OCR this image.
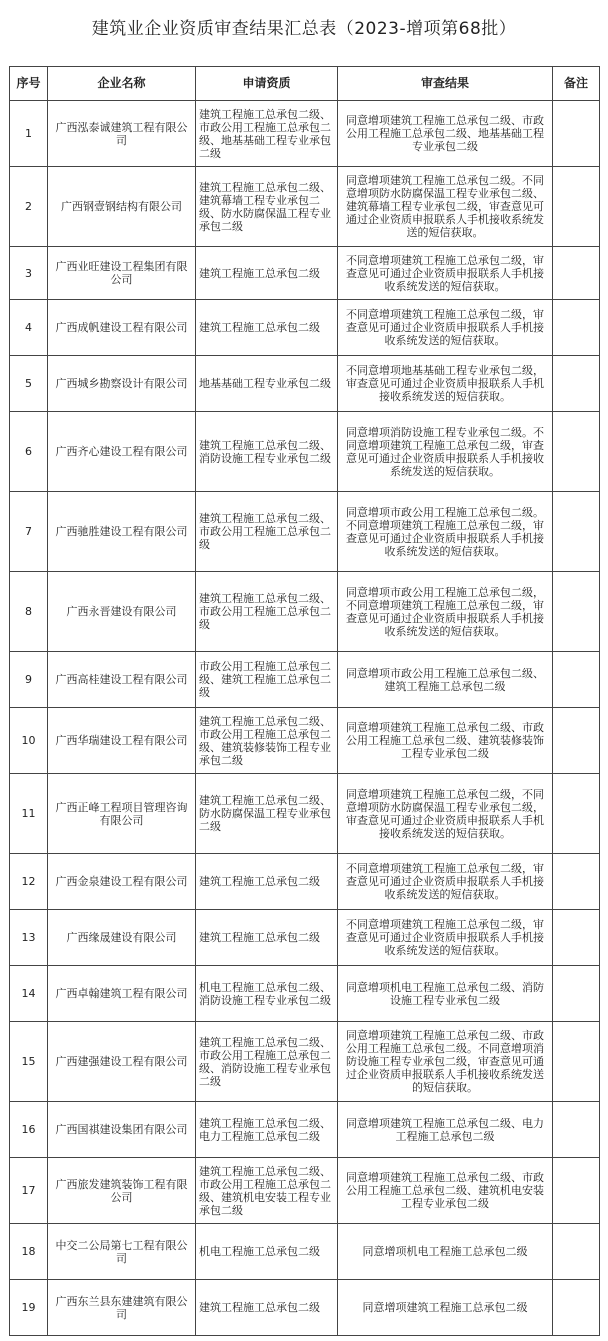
建筑业企业资质审查结果汇总表（2023-增项第68批）
序号	企业名称	申请资质	审查结果	备注
1	广西泓泰诚建筑工程有限公司	建筑工程施工总承包二级、市政公用工程施工总承包二级、地基基础工程专业承包二级	同意增项建筑工程施工总承包二级、市政公用工程施工总承包二级、地基基础工程专业承包二级	
2	广西钢壹钢结构有限公司	建筑工程施工总承包二级、建筑幕墙工程专业承包二级、防水防腐保温工程专业承包二级	同意增项建筑工程施工总承包二级。不同意增项防水防腐保温工程专业承包二级、建筑幕墙工程专业承包二级，审查意见可通过企业资质申报联系人手机接收系统发送的短信获取。	
3	广西业旺建设工程集团有限公司	建筑工程施工总承包二级	不同意增项建筑工程施工总承包二级，审查意见可通过企业资质申报联系人手机接收系统发送的短信获取。	
4	广西成帆建设工程有限公司	建筑工程施工总承包二级	不同意增项建筑工程施工总承包二级，审查意见可通过企业资质申报联系人手机接收系统发送的短信获取。	
5	广西城乡勘察设计有限公司	地基基础工程专业承包二级	不同意增项地基基础工程专业承包二级，审查意见可通过企业资质申报联系人手机接收系统发送的短信获取。	
6	广西齐心建设工程有限公司	建筑工程施工总承包二级、消防设施工程专业承包二级	同意增项消防设施工程专业承包二级。不同意增项建筑工程施工总承包二级，审查意见可通过企业资质申报联系人手机接收系统发送的短信获取。	
7	广西驰胜建设工程有限公司	建筑工程施工总承包二级、市政公用工程施工总承包二级	同意增项市政公用工程施工总承包二级。不同意增项建筑工程施工总承包二级，审查意见可通过企业资质申报联系人手机接收系统发送的短信获取。	
8	广西永晋建设有限公司	建筑工程施工总承包二级、市政公用工程施工总承包二级	同意增项市政公用工程施工总承包二级，不同意增项建筑工程施工总承包二级，审查意见可通过企业资质申报联系人手机接收系统发送的短信获取。	
9	广西高桂建设工程有限公司	市政公用工程施工总承包二级、建筑工程施工总承包二级	同意增项市政公用工程施工总承包二级、建筑工程施工总承包二级	
10	广西华瑞建设工程有限公司	建筑工程施工总承包二级、市政公用工程施工总承包二级、建筑装修装饰工程专业承包二级	同意增项建筑工程施工总承包二级、市政公用工程施工总承包二级、建筑装修装饰工程专业承包二级	
11	广西正峰工程项目管理咨询有限公司	建筑工程施工总承包二级、防水防腐保温工程专业承包二级	同意增项建筑工程施工总承包二级，不同意增项防水防腐保温工程专业承包二级，审查意见可通过企业资质申报联系人手机接收系统发送的短信获取。	
12	广西金泉建设工程有限公司	建筑工程施工总承包二级	不同意增项建筑工程施工总承包二级，审查意见可通过企业资质申报联系人手机接收系统发送的短信获取。	
13	广西缘晟建设有限公司	建筑工程施工总承包二级	不同意增项建筑工程施工总承包二级，审查意见可通过企业资质申报联系人手机接收系统发送的短信获取。	
14	广西卓翰建筑工程有限公司	机电工程施工总承包二级、消防设施工程专业承包二级	同意增项机电工程施工总承包二级、消防设施工程专业承包二级	
15	广西建强建设工程有限公司	建筑工程施工总承包二级、市政公用工程施工总承包二级、消防设施工程专业承包二级	同意增项建筑工程施工总承包二级、市政公用工程施工总承包二级。不同意增项消防设施工程专业承包二级，审查意见可通过企业资质申报联系人手机接收系统发送的短信获取。	
16	广西国祺建设集团有限公司	建筑工程施工总承包二级、电力工程施工总承包二级	同意增项建筑工程施工总承包二级、电力工程施工总承包二级	
17	广西旅发建筑装饰工程有限公司	建筑工程施工总承包二级、市政公用工程施工总承包二级、建筑机电安装工程专业承包二级	同意增项建筑工程施工总承包二级、市政公用工程施工总承包二级、建筑机电安装工程专业承包二级	
18	中交二公局第七工程有限公司	机电工程施工总承包二级	同意增项机电工程施工总承包二级	
19	广西东兰县东建建筑有限公司	建筑工程施工总承包二级	同意增项建筑工程施工总承包二级	
